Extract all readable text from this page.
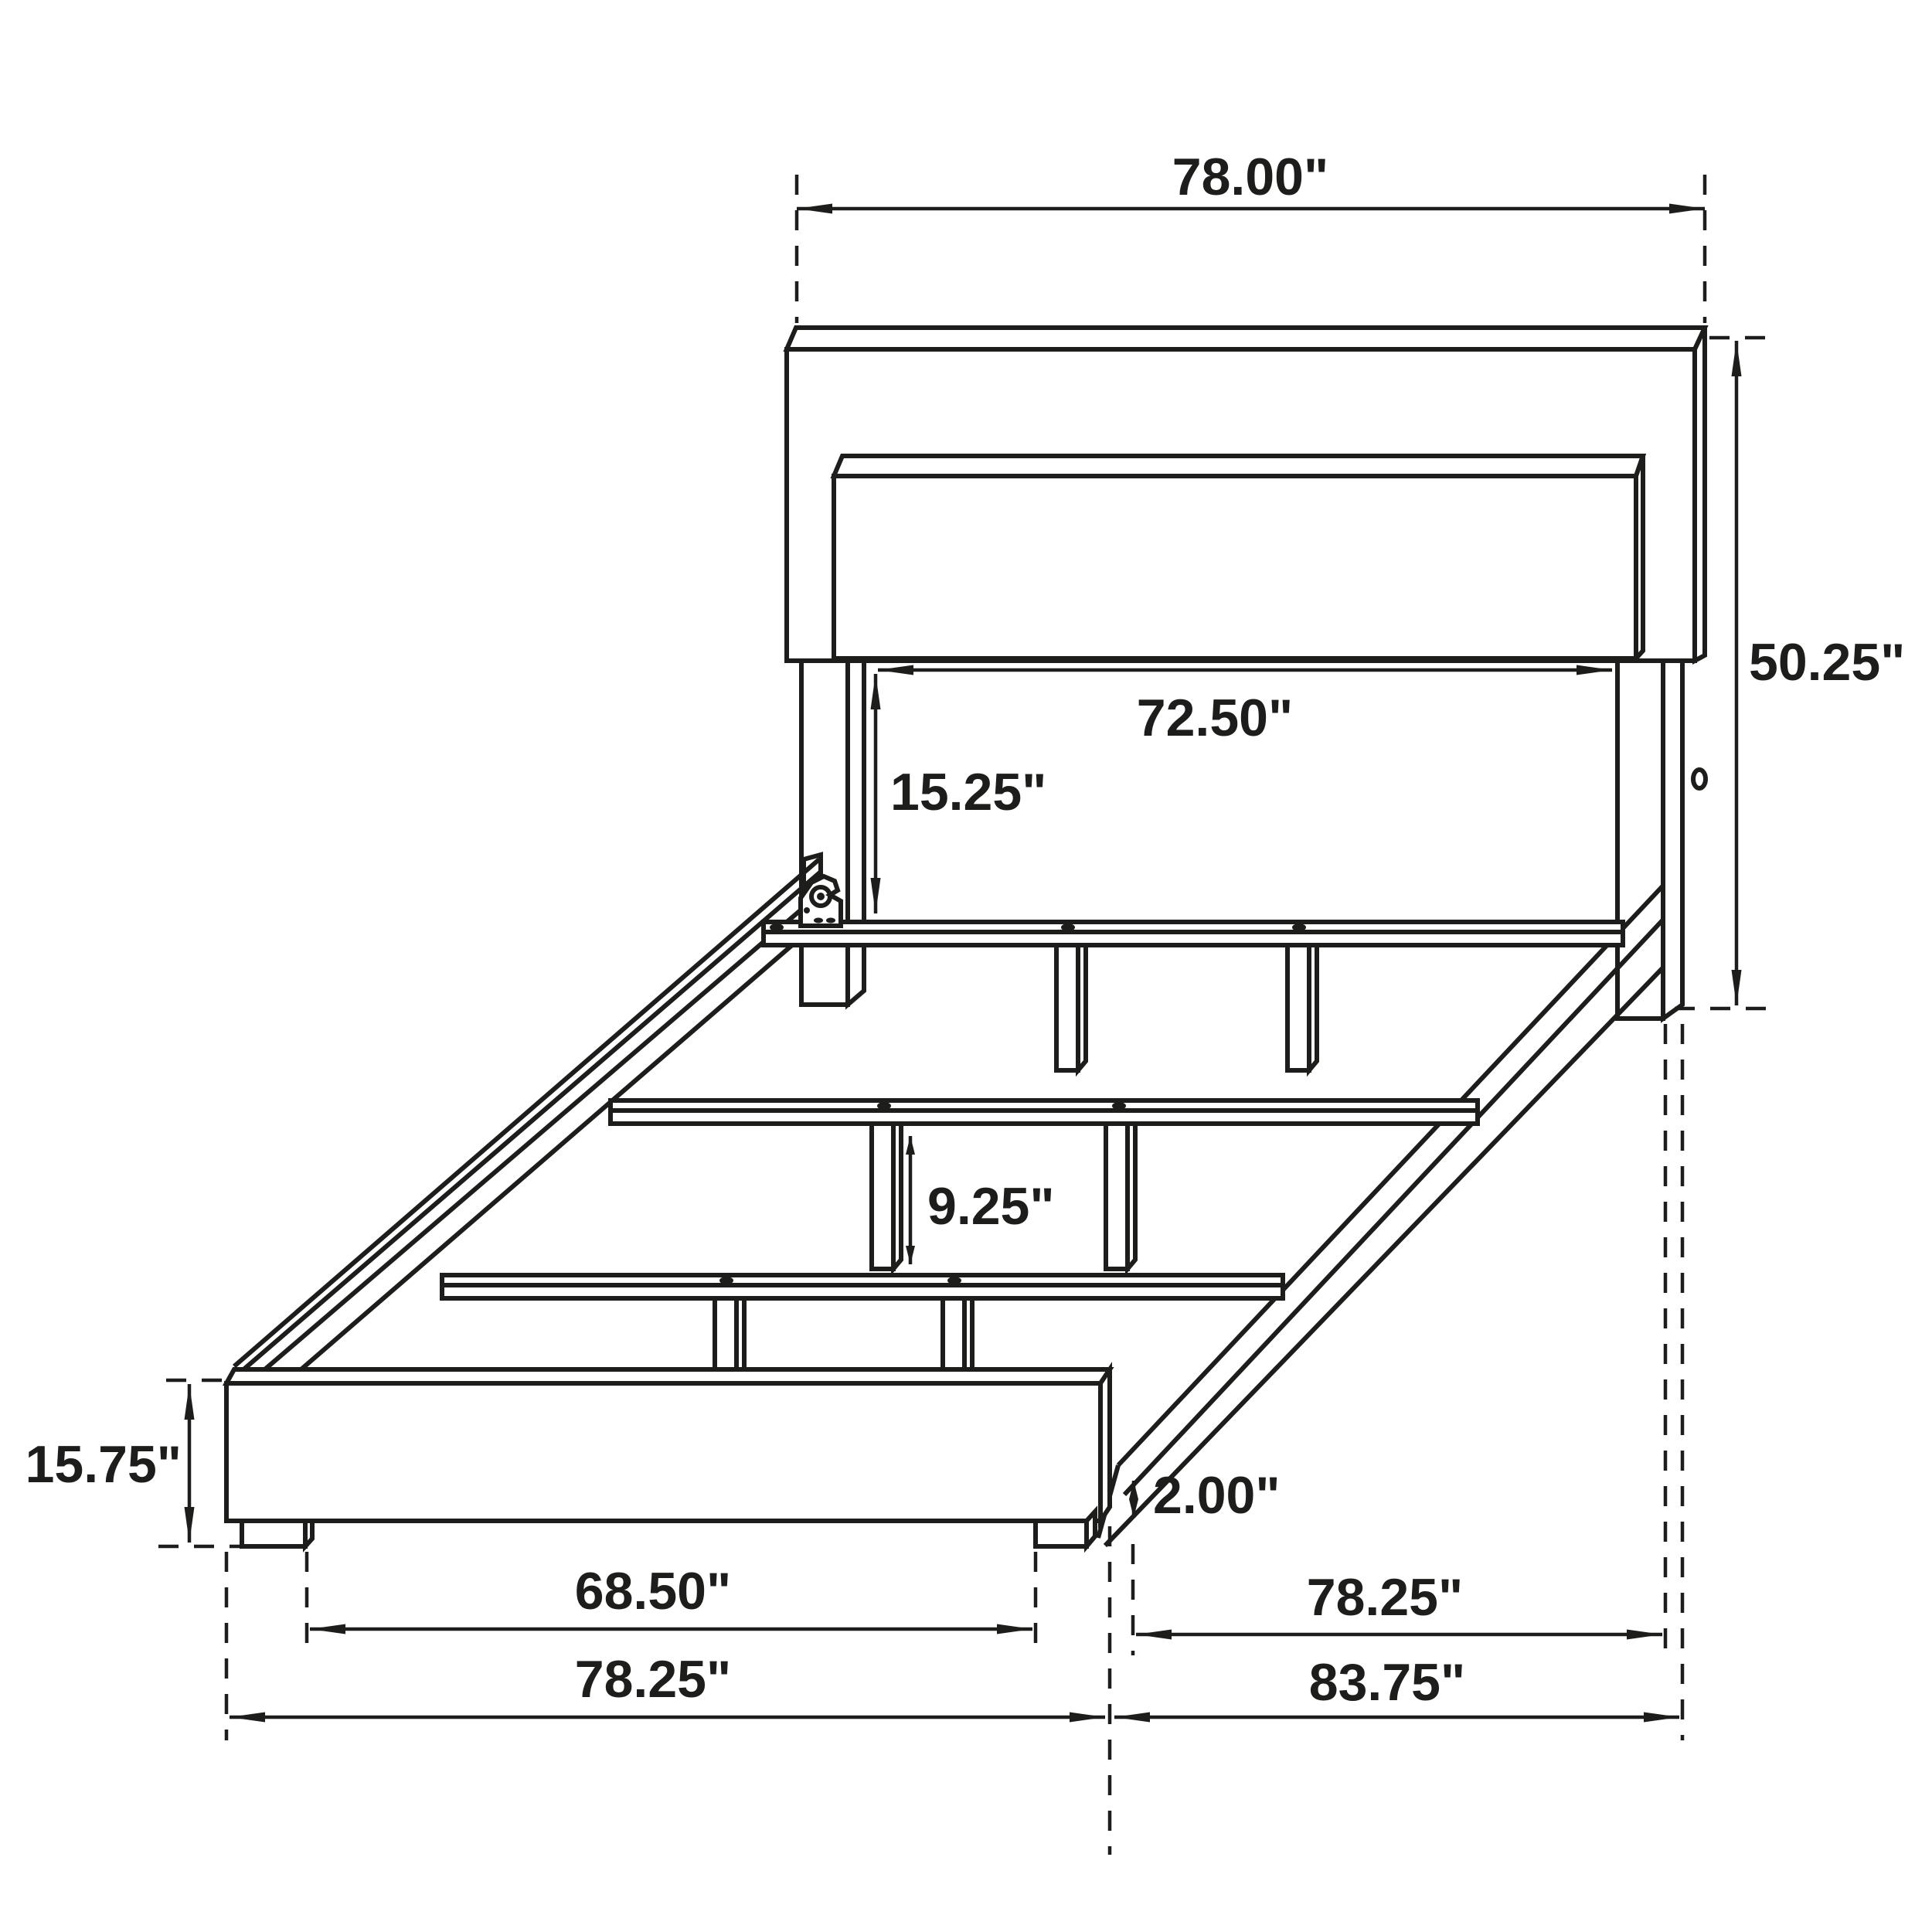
78.00"
50.25"
72.50"
15.25"
9.25"
15.75"
2.00"
68.50"
78.25"
78.25"
83.75"
